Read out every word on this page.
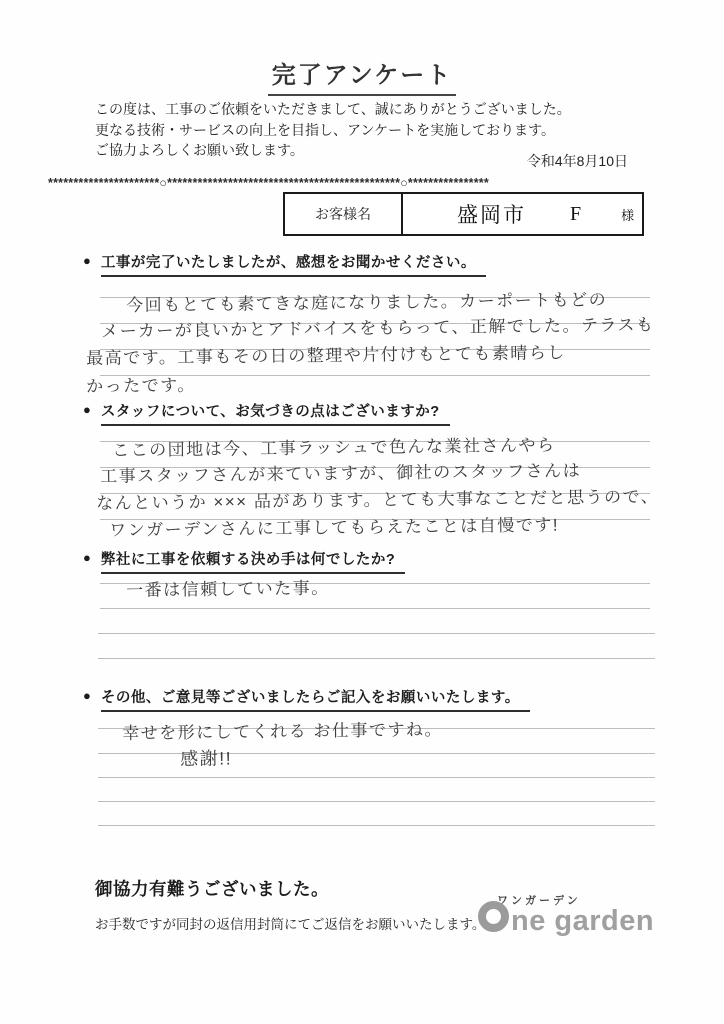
完了アンケート
この度は、工事のご依頼をいただきまして、誠にありがとうございました。
更なる技術・サービスの向上を目指し、アンケートを実施しております。
ご協力よろしくお願い致します。
令和4年8月10日
**********************○**********************************************○****************
お客様名	盛岡市 F	様
● 工事が完了いたしましたが、感想をお聞かせください。
今回もとても素てきな庭になりました。カーポートもどの
メーカーが良いかとアドバイスをもらって、正解でした。テラスも
最高です。工事もその日の整理や片付けもとても素晴らし
かったです。
● スタッフについて、お気づきの点はございますか?
ここの団地は今、工事ラッシュで色んな業社さんやら
工事スタッフさんが来ていますが、御社のスタッフさんは
なんというか ××× 品があります。とても大事なことだと思うので、
ワンガーデンさんに工事してもらえたことは自慢です!
● 弊社に工事を依頼する決め手は何でしたか?
一番は信頼していた事。
● その他、ご意見等ございましたらご記入をお願いいたします。
幸せを形にしてくれる お仕事ですね。
感謝!!
御協力有難うございました。
お手数ですが同封の返信用封筒にてご返信をお願いいたします。
ワンガーデン
ne garden
